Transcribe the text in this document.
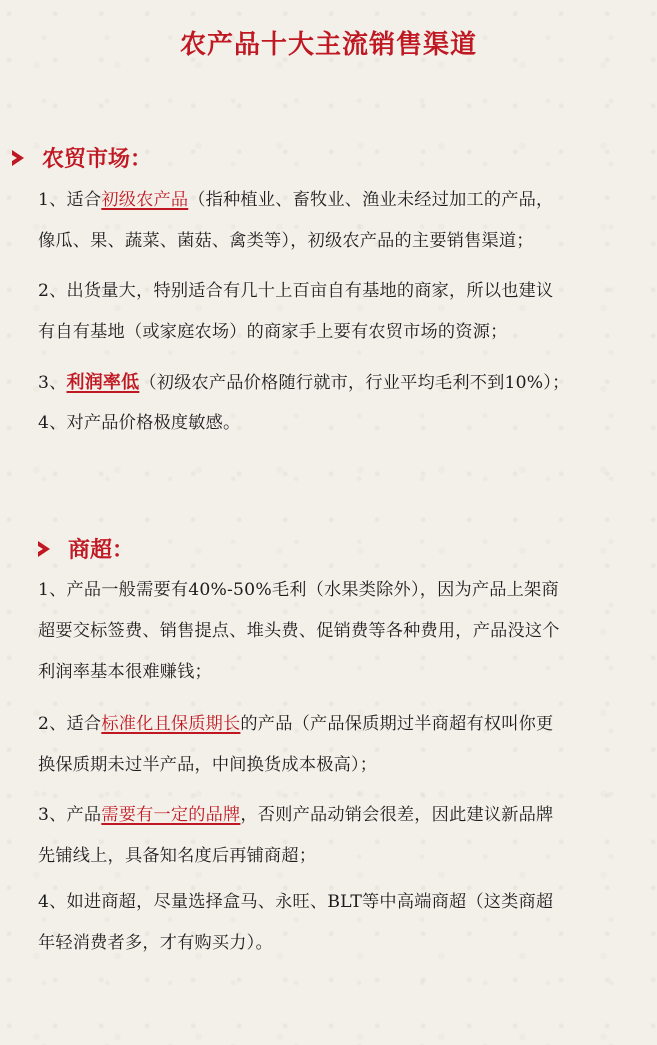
农产品十大主流销售渠道
农贸市场：
1、适合初级农产品（指种植业、畜牧业、渔业未经过加工的产品，
像瓜、果、蔬菜、菌菇、禽类等），初级农产品的主要销售渠道；
2、出货量大，特别适合有几十上百亩自有基地的商家，所以也建议
有自有基地（或家庭农场）的商家手上要有农贸市场的资源；
3、利润率低（初级农产品价格随行就市，行业平均毛利不到10%）；
4、对产品价格极度敏感。
商超：
1、产品一般需要有40%-50%毛利（水果类除外），因为产品上架商
超要交标签费、销售提点、堆头费、促销费等各种费用，产品没这个
利润率基本很难赚钱；
2、适合标准化且保质期长的产品（产品保质期过半商超有权叫你更
换保质期未过半产品，中间换货成本极高）；
3、产品需要有一定的品牌，否则产品动销会很差，因此建议新品牌
先铺线上，具备知名度后再铺商超；
4、如进商超，尽量选择盒马、永旺、BLT等中高端商超（这类商超
年轻消费者多，才有购买力）。
